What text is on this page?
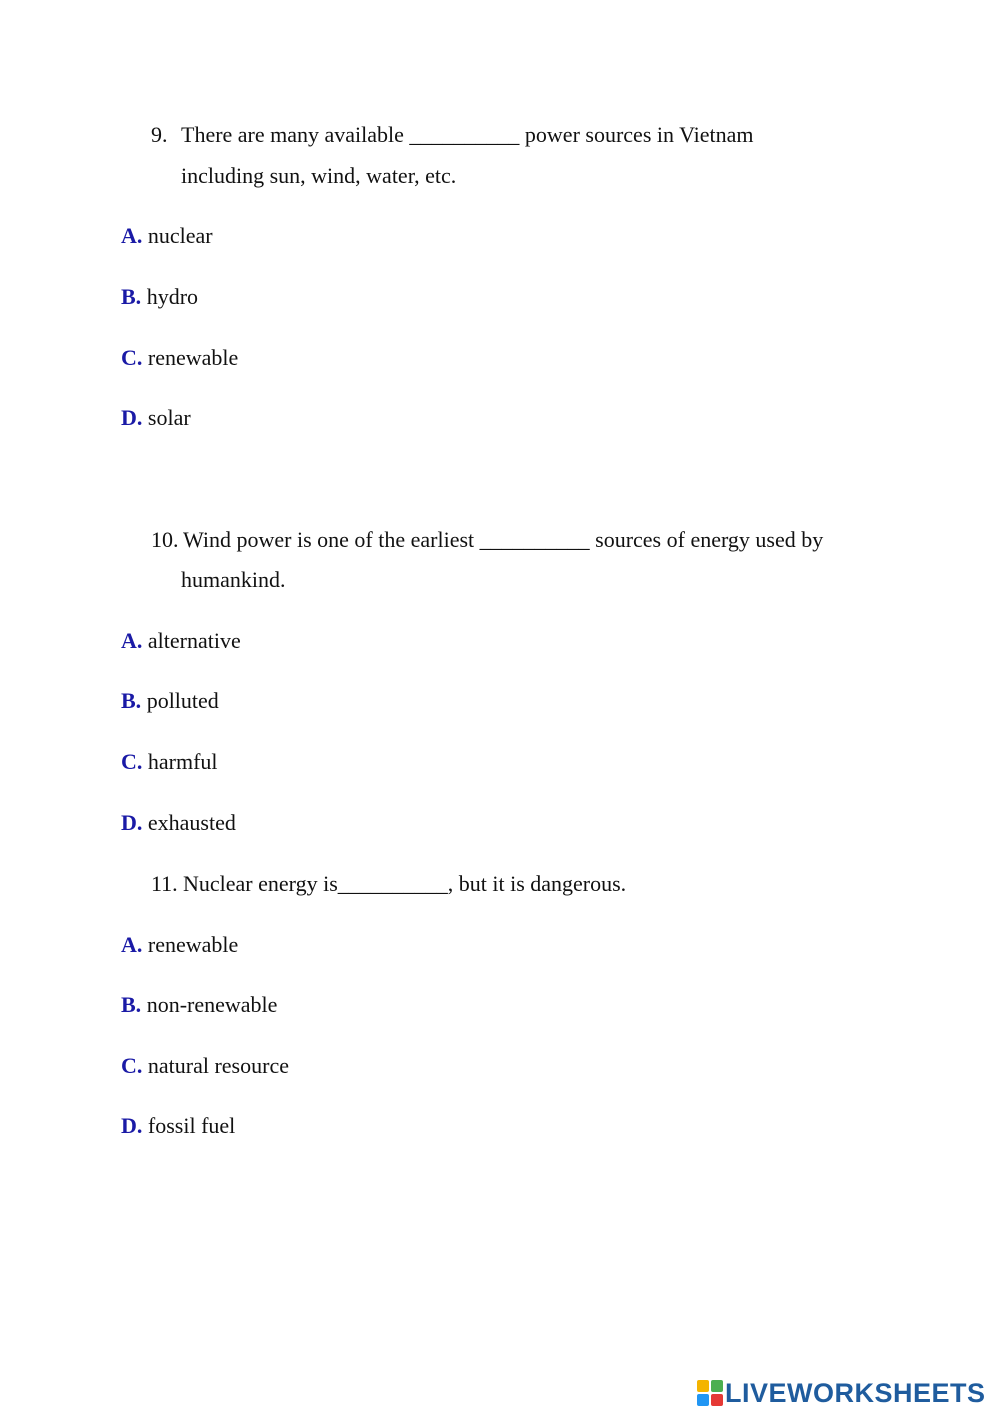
9. There are many available __________ power sources in Vietnam
including sun, wind, water, etc.
A. nuclear
B. hydro
C. renewable
D. solar
10. Wind power is one of the earliest __________ sources of energy used by
humankind.
A. alternative
B. polluted
C. harmful
D. exhausted
11. Nuclear energy is__________, but it is dangerous.
A. renewable
B. non-renewable
C. natural resource
D. fossil fuel
LIVEWORKSHEETS
